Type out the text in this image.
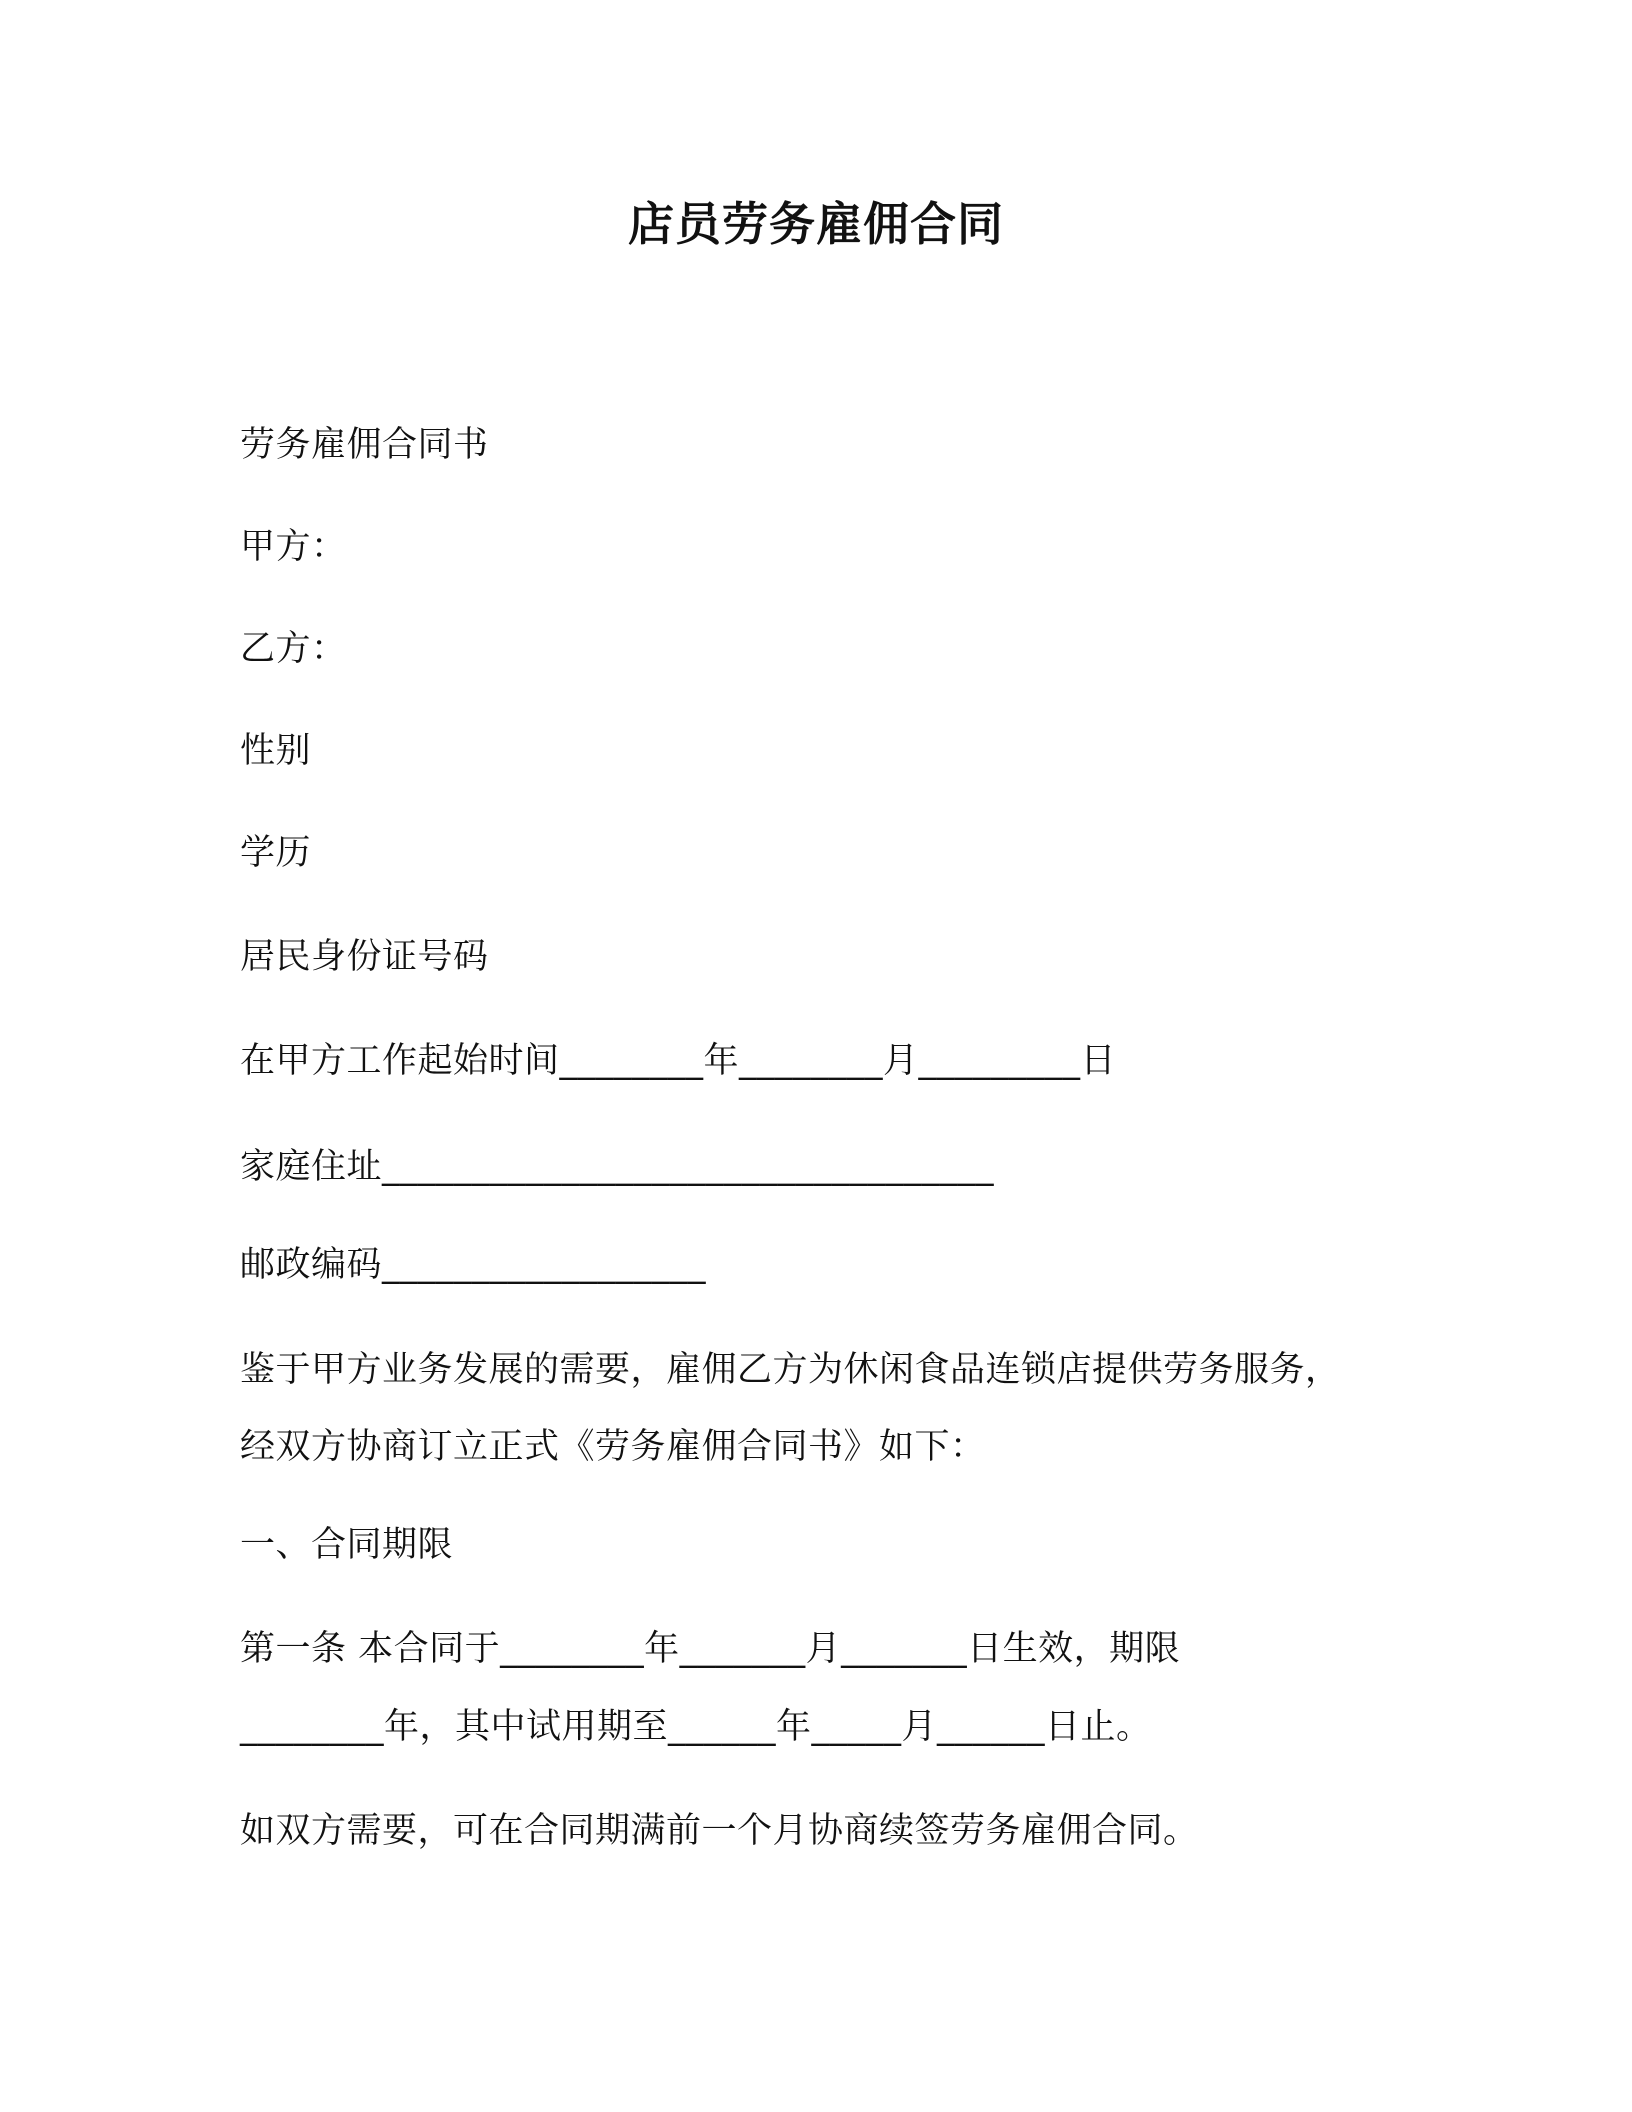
店员劳务雇佣合同
劳务雇佣合同书
甲方：
乙方：
性别
学历
居民身份证号码
在甲方工作起始时间________年________月_________日
家庭住址__________________________________
邮政编码__________________
鉴于甲方业务发展的需要，雇佣乙方为休闲食品连锁店提供劳务服务，
经双方协商订立正式《劳务雇佣合同书》如下：
一、合同期限
第一条 本合同于________年_______月_______日生效，期限
________年，其中试用期至______年_____月______日止。
如双方需要，可在合同期满前一个月协商续签劳务雇佣合同。
